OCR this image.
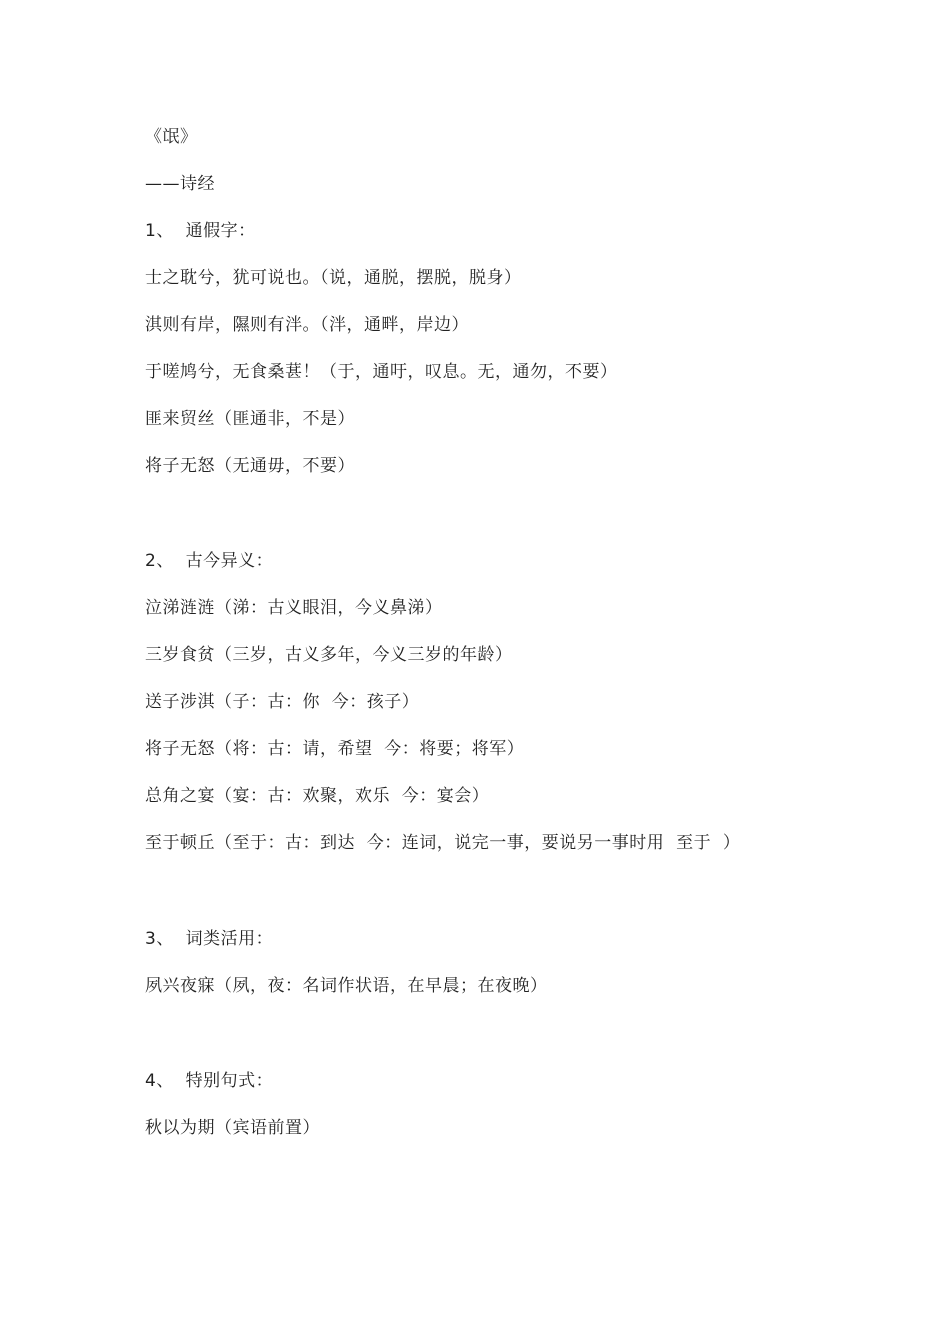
《氓》
——诗经
1、  通假字：
士之耽兮，犹可说也。（说，通脱，摆脱，脱身）
淇则有岸，隰则有泮。（泮，通畔，岸边）
于嗟鸠兮，无食桑葚！（于，通吁，叹息。无，通勿，不要）
匪来贸丝（匪通非，不是）
将子无怒（无通毋，不要）
2、  古今异义：
泣涕涟涟（涕：古义眼泪，今义鼻涕）
三岁食贫（三岁，古义多年，今义三岁的年龄）
送子涉淇（子：古：你  今：孩子）
将子无怒（将：古：请，希望  今：将要；将军）
总角之宴（宴：古：欢聚，欢乐  今：宴会）
至于顿丘（至于：古：到达  今：连词，说完一事，要说另一事时用  至于  ）
3、  词类活用：
夙兴夜寐（夙，夜：名词作状语，在早晨；在夜晚）
4、  特别句式：
秋以为期（宾语前置）
